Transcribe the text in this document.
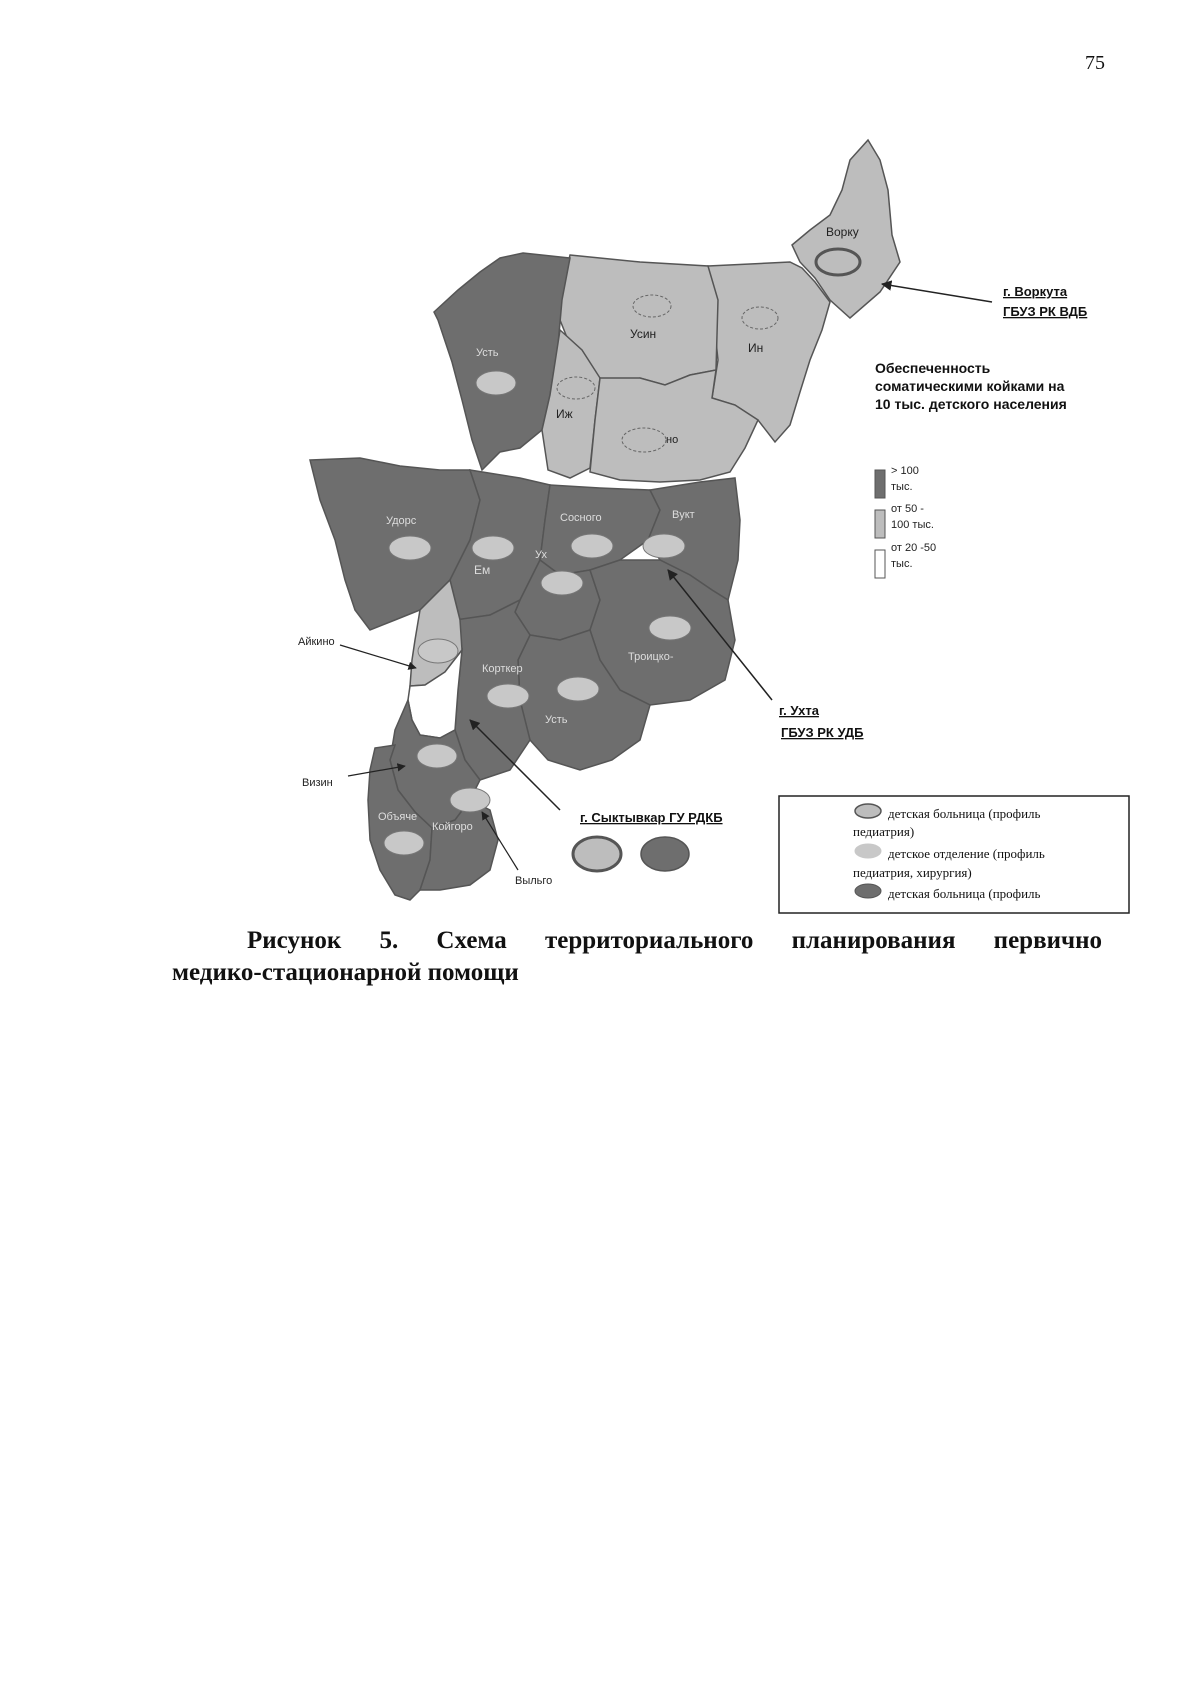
75
Ворку
Усин
Ин
Усть
Иж
но
Удорс
Ем
Сосного	Вукт
Ух
Троицко-
Корткер
Усть
Объяче
Койгоро
г. Воркута
ГБУЗ РК ВДБ
г. Ухта
ГБУЗ РК УДБ
г. Сыктывкар ГУ РДКБ
Айкино
Визин
Выльго
Обеспеченность
соматическими койками на
10 тыс. детского населения
> 100
тыс.
от 50 -
100 тыс.
от 20 -50
тыс.
детская больница (профиль
педиатрия)
детское отделение (профиль
педиатрия, хирургия)
детская больница (профиль
Рисунок 5. Схема территориального планирования первично
медико-стационарной помощи
